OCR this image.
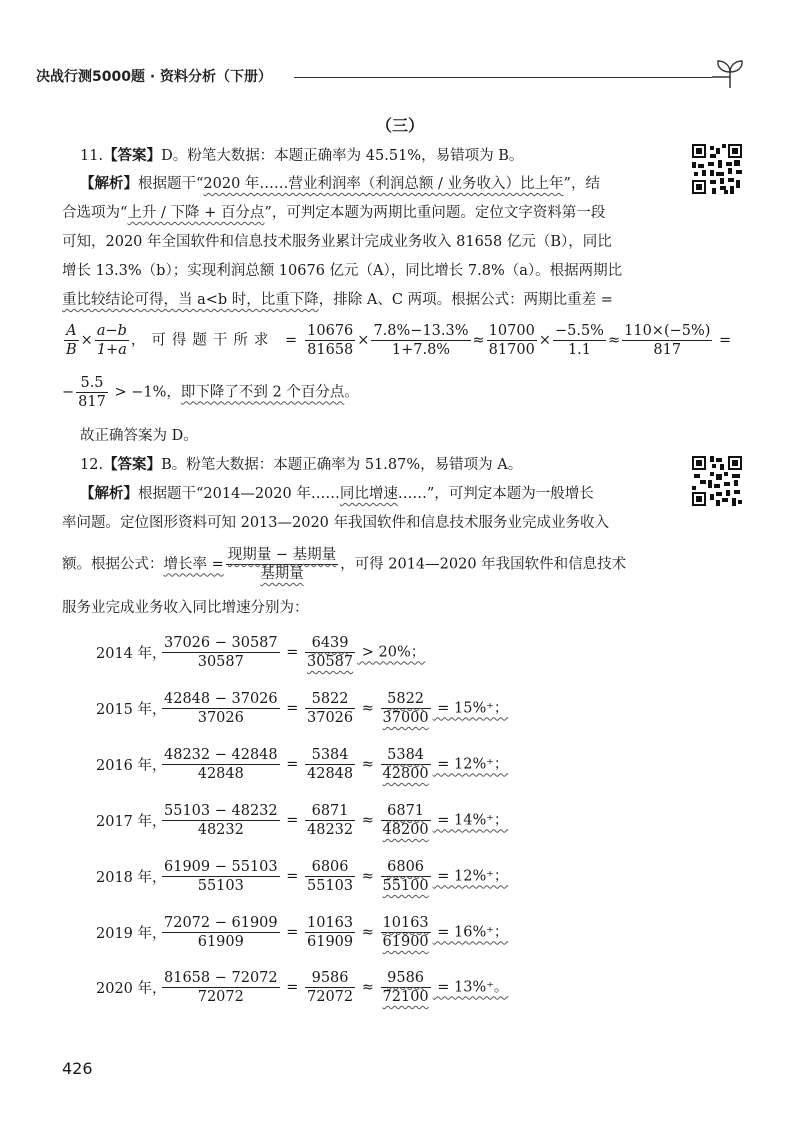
决战行测5000题 · 资料分析（下册）
（三）
11.【答案】D。粉笔大数据：本题正确率为 45.51%，易错项为 B。
【解析】根据题干“2020 年……营业利润率（利润总额 / 业务收入）比上年”，结
合选项为“上升 / 下降 + 百分点”，可判定本题为两期比重问题。定位文字资料第一段
可知，2020 年全国软件和信息技术服务业累计完成业务收入 81658 亿元（B），同比
增长 13.3%（b）；实现利润总额 10676 亿元（A），同比增长 7.8%（a）。根据两期比
重比较结论可得，当 a<b 时，比重下降，排除 A、C 两项。根据公式：两期比重差 =
$\frac{A}{B} \times \frac{a-b}{1+a}$ ，可得题干所求 = $\frac{10676}{81658} \times \frac{7.8\%-13.3\%}{1+7.8\%} \approx \frac{10700}{81700} \times \frac{-5.5\%}{1.1} \approx \frac{110\times(-5\%)}{817}$ =
− $\frac{5.5}{817} > -1\%$，即下降了不到 2 个百分点。
故正确答案为 D。
12.【答案】B。粉笔大数据：本题正确率为 51.87%，易错项为 A。
【解析】根据题干“2014—2020 年……同比增速……”，可判定本题为一般增长
率问题。定位图形资料可知 2013—2020 年我国软件和信息技术服务业完成业务收入
额。根据公式：增长率 = $\frac{\text{现期量 − 基期量}}{\text{基期量}}$ ，可得 2014—2020 年我国软件和信息技术
服务业完成业务收入同比增速分别为：
2014 年，
$\frac{37026 - 30587}{30587} = \frac{6439}{30587} > 20\%$；
2015 年，
$\frac{42848 - 37026}{37026} = \frac{5822}{37026} \approx \frac{5822}{37000} = 15\%^+$；
2016 年，
$\frac{48232 - 42848}{42848} = \frac{5384}{42848} \approx \frac{5384}{42800} = 12\%^+$；
2017 年，
$\frac{55103 - 48232}{48232} = \frac{6871}{48232} \approx \frac{6871}{48200} = 14\%^+$；
2018 年，
$\frac{61909 - 55103}{55103} = \frac{6806}{55103} \approx \frac{6806}{55100} = 12\%^+$；
2019 年，
$\frac{72072 - 61909}{61909} = \frac{10163}{61909} \approx \frac{10163}{61900} = 16\%^+$；
2020 年，
$\frac{81658 - 72072}{72072} = \frac{9586}{72072} \approx \frac{9586}{72100} = 13\%^+$。
426
